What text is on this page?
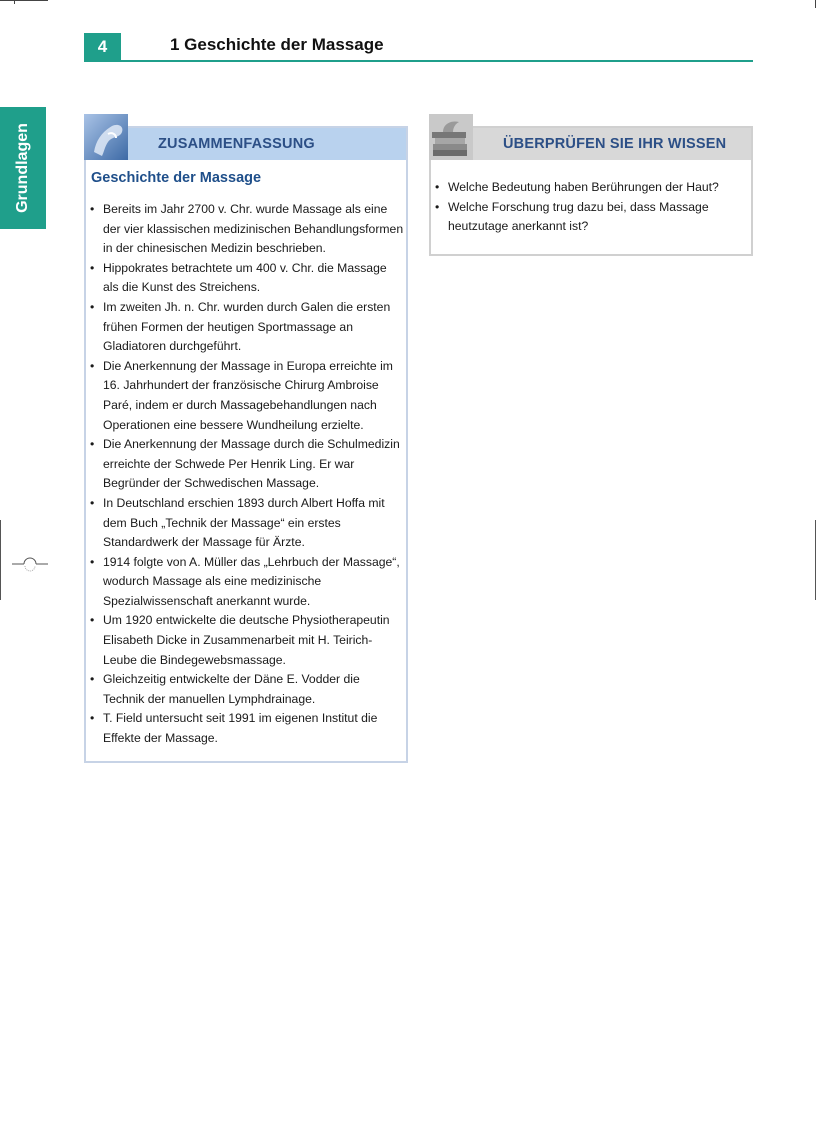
4	1 Geschichte der Massage
Grundlagen	ZUSAMMENFASSUNG
Geschichte der Massage
• Bereits im Jahr 2700 v. Chr. wurde Massage als eine der vier klassischen medizinischen Behandlungsformen in der chinesischen Medizin beschrieben.
• Hippokrates betrachtete um 400 v. Chr. die Massage als die Kunst des Streichens.
• Im zweiten Jh. n. Chr. wurden durch Galen die ersten frühen Formen der heutigen Sportmassage an Gladiatoren durchgeführt.
• Die Anerkennung der Massage in Europa erreichte im 16. Jahrhundert der französische Chirurg Ambroise Paré, indem er durch Massagebehandlungen nach Operationen eine bessere Wundheilung erzielte.
• Die Anerkennung der Massage durch die Schulmedizin erreichte der Schwede Per Henrik Ling. Er war Begründer der Schwedischen Massage.
• In Deutschland erschien 1893 durch Albert Hoffa mit dem Buch „Technik der Massage“ ein erstes Standardwerk der Massage für Ärzte.
• 1914 folgte von A. Müller das „Lehrbuch der Massage“, wodurch Massage als eine medizinische Spezialwissenschaft anerkannt wurde.
• Um 1920 entwickelte die deutsche Physiotherapeutin Elisabeth Dicke in Zusammenarbeit mit H. Teirich-Leube die Bindegewebsmassage.
• Gleichzeitig entwickelte der Däne E. Vodder die Technik der manuellen Lymphdrainage.
• T. Field untersucht seit 1991 im eigenen Institut die Effekte der Massage.
ÜBERPRÜFEN SIE IHR WISSEN
• Welche Bedeutung haben Berührungen der Haut?
• Welche Forschung trug dazu bei, dass Massage heutzutage anerkannt ist?
